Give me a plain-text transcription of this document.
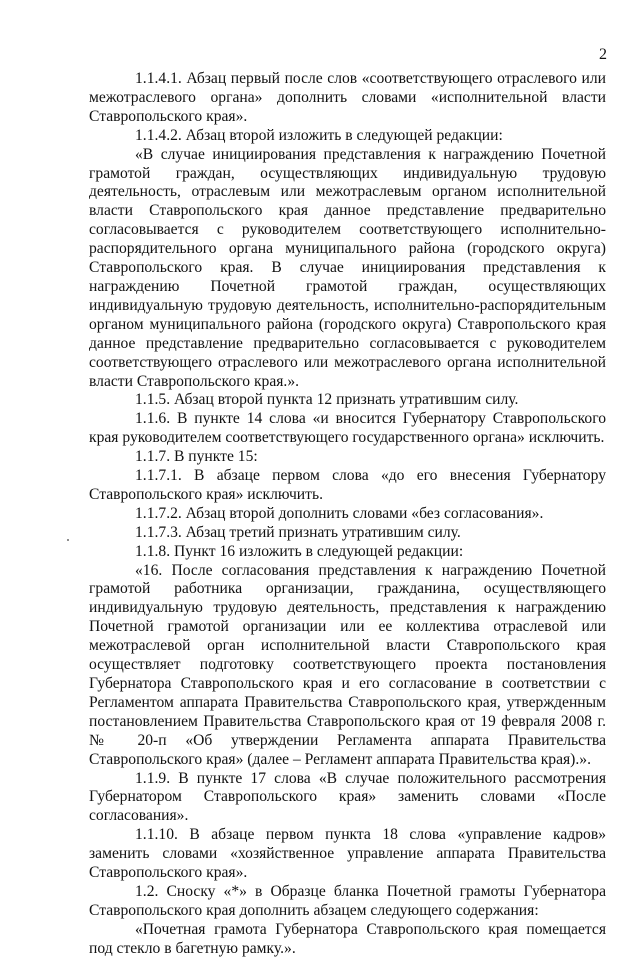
2

1.1.4.1. Абзац первый после слов «соответствующего отраслевого или межотраслевого органа» дополнить словами «исполнительной власти Ставропольского края».

1.1.4.2. Абзац второй изложить в следующей редакции:

«В случае инициирования представления к награждению Почетной грамотой граждан, осуществляющих индивидуальную трудовую деятельность, отраслевым или межотраслевым органом исполнительной власти Ставропольского края данное представление предварительно согласовывается с руководителем соответствующего исполнительно-распорядительного органа муниципального района (городского округа) Ставропольского края. В случае инициирования представления к награждению Почетной грамотой граждан, осуществляющих индивидуальную трудовую деятельность, исполнительно-распорядительным органом муниципального района (городского округа) Ставропольского края данное представление предварительно согласовывается с руководителем соответствующего отраслевого или межотраслевого органа исполнительной власти Ставропольского края.».

1.1.5. Абзац второй пункта 12 признать утратившим силу.

1.1.6. В пункте 14 слова «и вносится Губернатору Ставропольского края руководителем соответствующего государственного органа» исключить.

1.1.7. В пункте 15:

1.1.7.1. В абзаце первом слова «до его внесения Губернатору Ставропольского края» исключить.

1.1.7.2. Абзац второй дополнить словами «без согласования».

1.1.7.3. Абзац третий признать утратившим силу.

1.1.8. Пункт 16 изложить в следующей редакции:

«16. После согласования представления к награждению Почетной грамотой работника организации, гражданина, осуществляющего индивидуальную трудовую деятельность, представления к награждению Почетной грамотой организации или ее коллектива отраслевой или межотраслевой орган исполнительной власти Ставропольского края осуществляет подготовку соответствующего проекта постановления Губернатора Ставропольского края и его согласование в соответствии с Регламентом аппарата Правительства Ставропольского края, утвержденным постановлением Правительства Ставропольского края от 19 февраля 2008 г. № 20-п «Об утверждении Регламента аппарата Правительства Ставропольского края» (далее – Регламент аппарата Правительства края).».

1.1.9. В пункте 17 слова «В случае положительного рассмотрения Губернатором Ставропольского края» заменить словами «После согласования».

1.1.10. В абзаце первом пункта 18 слова «управление кадров» заменить словами «хозяйственное управление аппарата Правительства Ставропольского края».

1.2. Сноску «*» в Образце бланка Почетной грамоты Губернатора Ставропольского края дополнить абзацем следующего содержания:

«Почетная грамота Губернатора Ставропольского края помещается под стекло в багетную рамку.».
